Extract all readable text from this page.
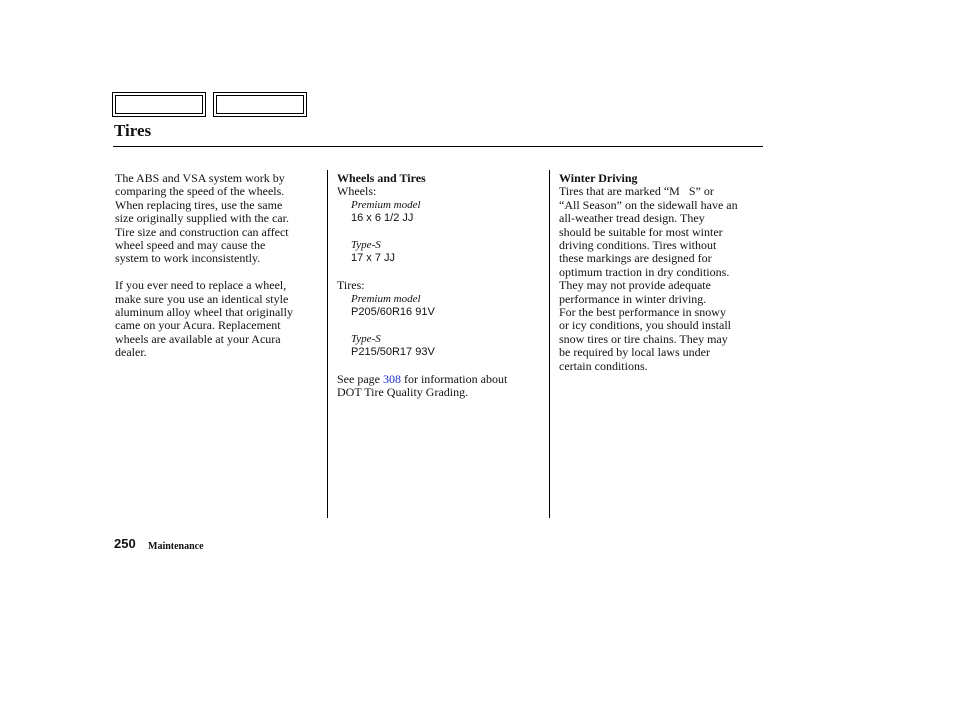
Tires

The ABS and VSA system work by

comparing the speed of the wheels.

When replacing tires, use the same

size originally supplied with the car.

Tire size and construction can affect

wheel speed and may cause the

system to work inconsistently.

If you ever need to replace a wheel,

make sure you use an identical style

aluminum alloy wheel that originally

came on your Acura. Replacement

wheels are available at your Acura

dealer.

Wheels and Tires

Wheels:

Premium model

16 x 6 1/2 JJ

Type-S

17 x 7 JJ

Tires:

Premium model

P205/60R16 91V

Type-S

P215/50R17 93V

See page 308 for information about

DOT Tire Quality Grading.

Winter Driving

Tires that are marked “M   S” or

“All Season” on the sidewall have an

all-weather tread design. They

should be suitable for most winter

driving conditions. Tires without

these markings are designed for

optimum traction in dry conditions.

They may not provide adequate

performance in winter driving.

For the best performance in snowy

or icy conditions, you should install

snow tires or tire chains. They may

be required by local laws under

certain conditions.

250 Maintenance
